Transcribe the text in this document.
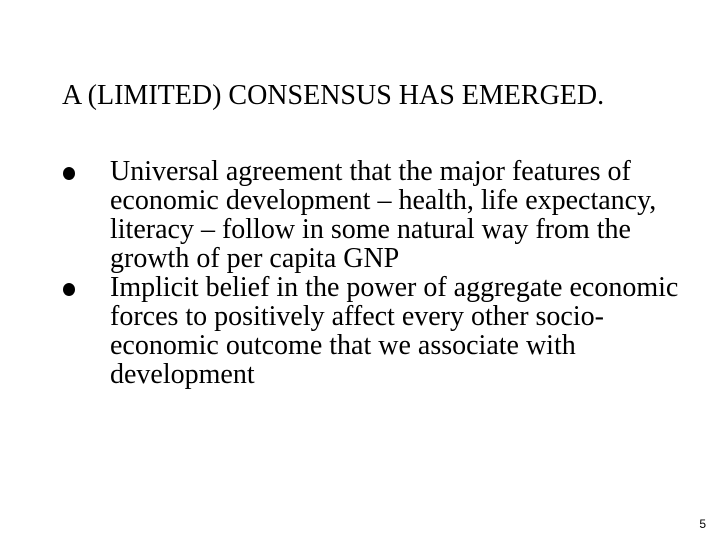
A (LIMITED) CONSENSUS HAS EMERGED.
Universal agreement that the major features of economic development – health, life expectancy, literacy – follow in some natural way from the growth of per capita GNP
Implicit belief in the power of aggregate economic forces to positively affect every other socio-economic outcome that we associate with development
5
